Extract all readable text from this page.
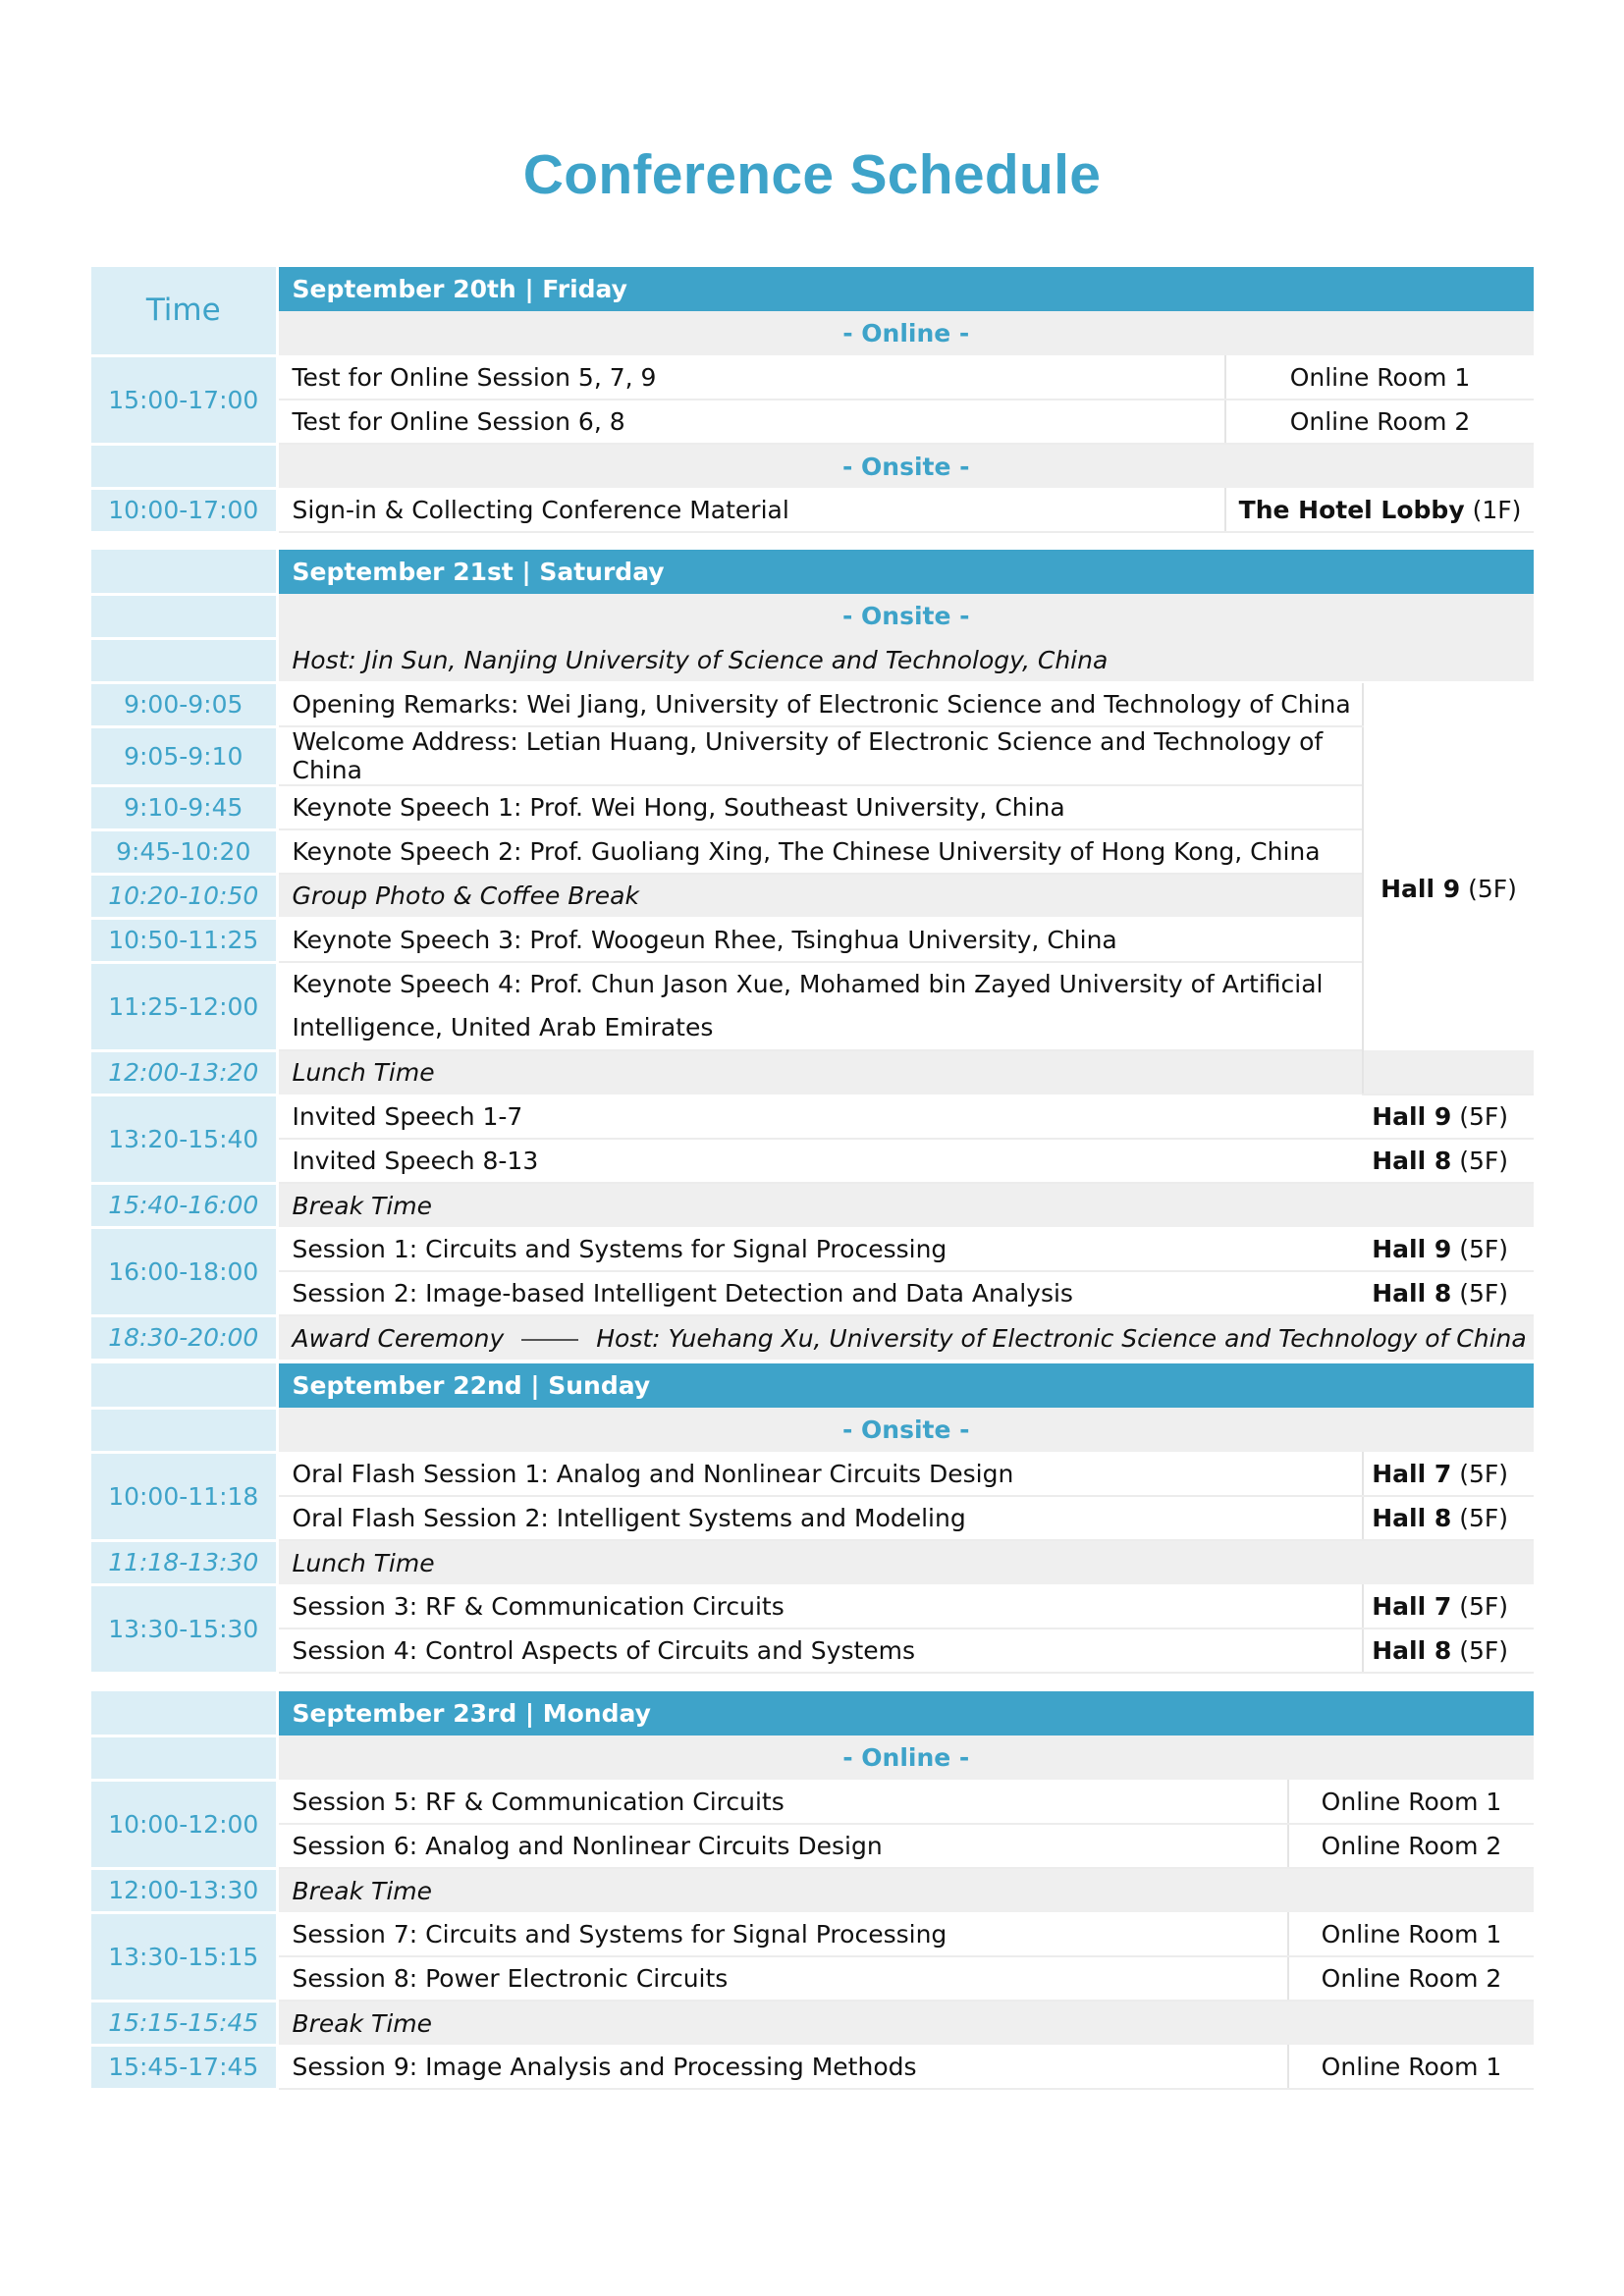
Conference Schedule
Time	September 20th | Friday	
	- Online -	
15:00-17:00	Test for Online Session 5, 7, 9	Online Room 1
	Test for Online Session 6, 8	Online Room 2
	- Onsite -	
10:00-17:00	Sign-in & Collecting Conference Material	The Hotel Lobby (1F)
	September 21st | Saturday	
	- Onsite -	
	Host: Jin Sun, Nanjing University of Science and Technology, China	
9:00-9:05	Opening Remarks: Wei Jiang, University of Electronic Science and Technology of China	Hall 9 (5F)
9:05-9:10	Welcome Address: Letian Huang, University of Electronic Science and Technology of China	
9:10-9:45	Keynote Speech 1: Prof. Wei Hong, Southeast University, China	
9:45-10:20	Keynote Speech 2: Prof. Guoliang Xing, The Chinese University of Hong Kong, China	
10:20-10:50	Group Photo & Coffee Break	
10:50-11:25	Keynote Speech 3: Prof. Woogeun Rhee, Tsinghua University, China	
11:25-12:00	Keynote Speech 4: Prof. Chun Jason Xue, Mohamed bin Zayed University of Artificial
Intelligence, United Arab Emirates	
12:00-13:20	Lunch Time	
13:20-15:40	Invited Speech 1-7	Hall 9 (5F)
	Invited Speech 8-13	Hall 8 (5F)
15:40-16:00	Break Time	
16:00-18:00	Session 1: Circuits and Systems for Signal Processing	Hall 9 (5F)
	Session 2: Image-based Intelligent Detection and Data Analysis	Hall 8 (5F)
18:30-20:00	Award Ceremony Host: Yuehang Xu, University of Electronic Science and Technology of China	
	September 22nd | Sunday	
	- Onsite -	
10:00-11:18	Oral Flash Session 1: Analog and Nonlinear Circuits Design	Hall 7 (5F)
	Oral Flash Session 2: Intelligent Systems and Modeling	Hall 8 (5F)
11:18-13:30	Lunch Time	
13:30-15:30	Session 3: RF & Communication Circuits	Hall 7 (5F)
	Session 4: Control Aspects of Circuits and Systems	Hall 8 (5F)
	September 23rd | Monday	
	- Online -	
10:00-12:00	Session 5: RF & Communication Circuits	Online Room 1
	Session 6: Analog and Nonlinear Circuits Design	Online Room 2
12:00-13:30	Break Time	
13:30-15:15	Session 7: Circuits and Systems for Signal Processing	Online Room 1
	Session 8: Power Electronic Circuits	Online Room 2
15:15-15:45	Break Time	
15:45-17:45	Session 9: Image Analysis and Processing Methods	Online Room 1
